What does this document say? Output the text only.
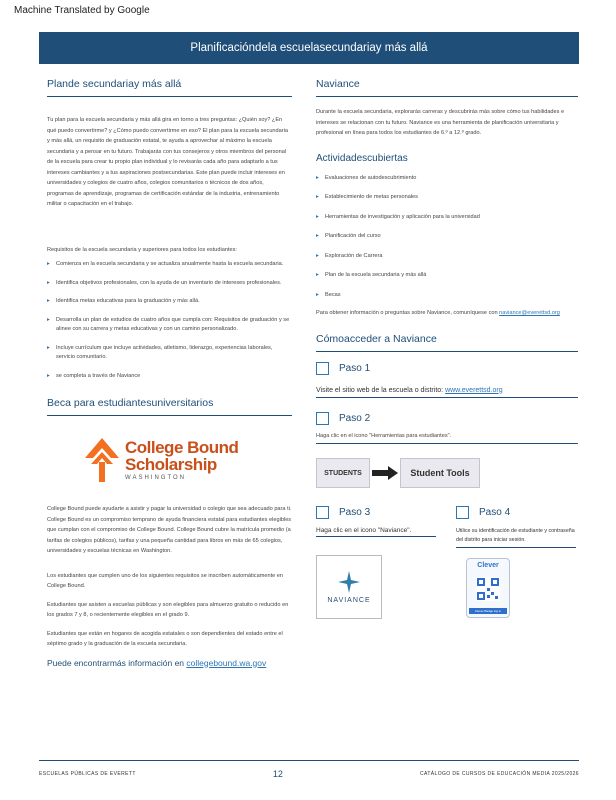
Machine Translated by Google
Planificacióndela escuelasecundariay más allá
Plande secundariay más allá

Tu plan para la escuela secundaria y más allá gira en torno a tres preguntas: ¿Quién soy? ¿En qué puedo convertirme? y ¿Cómo puedo convertirme en eso? El plan para la escuela secundaria y más allá, un requisito de graduación estatal, te ayuda a aprovechar al máximo la escuela secundaria y a pensar en tu futuro. Trabajarás con tus consejeros y otros miembros del personal de la escuela para crear tu propio plan individual y lo revisarás cada año para adaptarlo a tus intereses cambiantes y a tus aspiraciones postsecundarias. Este plan puede incluir intereses en universidades y colegios de cuatro años, colegios comunitarios o técnicos de dos años, programas de aprendizaje, programas de certificación estándar de la industria, entrenamiento militar o capacitación en el trabajo.

Requisitos de la escuela secundaria y superiores para todos los estudiantes:

▸	Comienza en la escuela secundaria y se actualiza anualmente hasta la escuela secundaria.
▸	Identifica objetivos profesionales, con la ayuda de un inventario de intereses profesionales.
▸	Identifica metas educativas para la graduación y más allá.
▸	Desarrolla un plan de estudios de cuatro años que cumpla con: Requisitos de graduación y se alinee con su carrera y metas educativas y con un camino personalizado.
▸	Incluye currículum que incluye actividades, atletismo, liderazgo, experiencias laborales, servicio comunitario.
▸	se completa a través de Naviance
Beca para estudiantesuniversitarios
College Bound
Scholarship
WASHINGTON

College Bound puede ayudarte a asistir y pagar la universidad o colegio que sea adecuado para ti. College Bound es un compromiso temprano de ayuda financiera estatal para estudiantes elegibles que cumplan con el compromiso de College Bound. College Bound cubre la matrícula promedio (a tarifas de colegios públicos), tarifas y una pequeña cantidad para libros en más de 65 colegios, universidades y escuelas técnicas en Washington.

Los estudiantes que cumplen uno de los siguientes requisitos se inscriben automáticamente en College Bound.

Estudiantes que asisten a escuelas públicas y son elegibles para almuerzo gratuito o reducido en los grados 7 y 8, o recientemente elegibles en el grado 9.

Estudiantes que están en hogares de acogida estatales o son dependientes del estado entre el séptimo grado y la graduación de la escuela secundaria.

Puede encontrarmás información en collegebound.wa.gov
Naviance

Durante la escuela secundaria, explorarás carreras y descubrirás más sobre cómo tus habilidades e intereses se relacionan con tu futuro. Naviance es una herramienta de planificación universitaria y profesional en línea para todos los estudiantes de 6.º a 12.º grado.

Actividadescubiertas
▸	Evaluaciones de autodescubrimiento
▸	Establecimiento de metas personales
▸	Herramientas de investigación y aplicación para la universidad
▸	Planificación del curso
▸	Exploración de Carrera
▸	Plan de la escuela secundaria y más allá
▸	Becas

Para obtener información o preguntas sobre Naviance, comuníquese con naviance@everettsd.org

Cómoacceder a Naviance
Paso 1
Visite el sitio web de la escuela o distrito: www.everettsd.org
Paso 2
Haga clic en el icono "Herramientas para estudiantes".
STUDENTS	Student Tools
Paso 3
Haga clic en el icono "Naviance".
NAVIANCE
Paso 4
Utilice su identificación de estudiante y contraseña del distrito para iniciar sesión.
Clever
Clever Badge log in
ESCUELAS PÚBLICAS DE EVERETT	12	CATÁLOGO DE CURSOS DE EDUCACIÓN MEDIA 2025/2026
